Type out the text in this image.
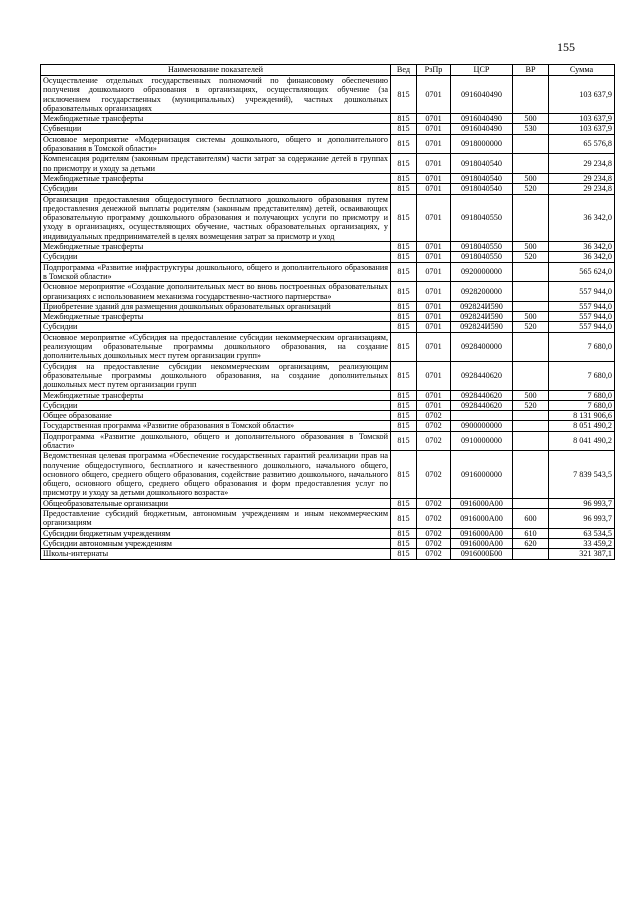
155
Наименование показателей	Вед	РзПр	ЦСР	ВР	Сумма
Осуществление отдельных государственных полномочий по финансовому обеспечению получения дошкольного образования в организациях, осуществляющих обучение (за исключением государственных (муниципальных) учреждений), частных дошкольных образовательных организациях	815	0701	0916040490		103 637,9
Межбюджетные трансферты	815	0701	0916040490	500	103 637,9
Субвенции	815	0701	0916040490	530	103 637,9
Основное мероприятие «Модернизация системы дошкольного, общего и дополнительного образования в Томской области»	815	0701	0918000000		65 576,8
Компенсация родителям (законным представителям) части затрат за содержание детей в группах по присмотру и уходу за детьми	815	0701	0918040540		29 234,8
Межбюджетные трансферты	815	0701	0918040540	500	29 234,8
Субсидии	815	0701	0918040540	520	29 234,8
Организация предоставления общедоступного бесплатного дошкольного образования путем предоставления денежной выплаты родителям (законным представителям) детей, осваивающих образовательную программу дошкольного образования и получающих услуги по присмотру и уходу в организациях, осуществляющих обучение, частных образовательных организациях, у индивидуальных предпринимателей в целях возмещения затрат за присмотр и уход	815	0701	0918040550		36 342,0
Межбюджетные трансферты	815	0701	0918040550	500	36 342,0
Субсидии	815	0701	0918040550	520	36 342,0
Подпрограмма «Развитие инфраструктуры дошкольного, общего и дополнительного образования в Томской области»	815	0701	0920000000		565 624,0
Основное мероприятие «Создание дополнительных мест во вновь построенных образовательных организациях с использованием механизма государственно-частного партнерства»	815	0701	0928200000		557 944,0
Приобретение зданий для размещения дошкольных образовательных организаций	815	0701	092824И590		557 944,0
Межбюджетные трансферты	815	0701	092824И590	500	557 944,0
Субсидии	815	0701	092824И590	520	557 944,0
Основное мероприятие «Субсидия на предоставление субсидии некоммерческим организациям, реализующим образовательные программы дошкольного образования, на создание дополнительных дошкольных мест путем организации групп»	815	0701	0928400000		7 680,0
Субсидия на предоставление субсидии некоммерческим организациям, реализующим образовательные программы дошкольного образования, на создание дополнительных дошкольных мест путем организации групп	815	0701	0928440620		7 680,0
Межбюджетные трансферты	815	0701	0928440620	500	7 680,0
Субсидии	815	0701	0928440620	520	7 680,0
Общее образование	815	0702			8 131 906,6
Государственная программа «Развитие образования в Томской области»	815	0702	0900000000		8 051 490,2
Подпрограмма «Развитие дошкольного, общего и дополнительного образования в Томской области»	815	0702	0910000000		8 041 490,2
Ведомственная целевая программа «Обеспечение государственных гарантий реализации прав на получение общедоступного, бесплатного и качественного дошкольного, начального общего, основного общего, среднего общего образования, содействие развитию дошкольного, начального общего, основного общего, среднего общего образования и форм предоставления услуг по присмотру и уходу за детьми дошкольного возраста»	815	0702	0916000000		7 839 543,5
Общеобразовательные организации	815	0702	0916000А00		96 993,7
Предоставление субсидий бюджетным, автономным учреждениям и иным некоммерческим организациям	815	0702	0916000А00	600	96 993,7
Субсидии бюджетным учреждениям	815	0702	0916000А00	610	63 534,5
Субсидии автономным учреждениям	815	0702	0916000А00	620	33 459,2
Школы-интернаты	815	0702	0916000Б00		321 387,1
